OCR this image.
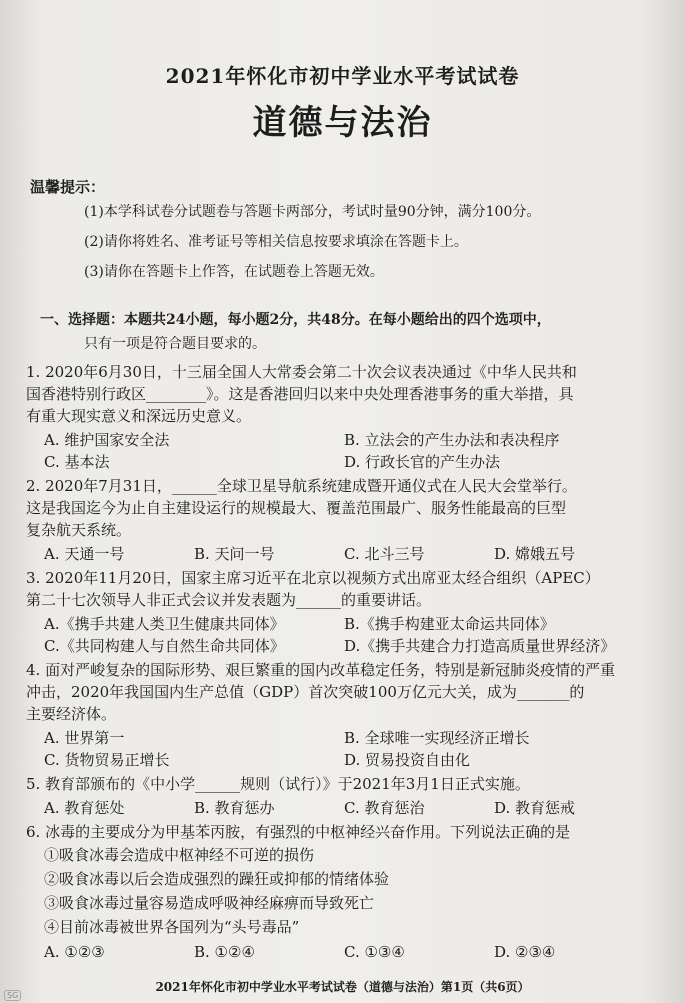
2021年怀化市初中学业水平考试试卷
道德与法治
温馨提示：
(1)本学科试卷分试题卷与答题卡两部分，考试时量90分钟，满分100分。
(2)请你将姓名、准考证号等相关信息按要求填涂在答题卡上。
(3)请你在答题卡上作答，在试题卷上答题无效。
一、选择题：本题共24小题，每小题2分，共48分。在每小题给出的四个选项中，
只有一项是符合题目要求的。
1. 2020年6月30日，十三届全国人大常委会第二十次会议表决通过《中华人民共和
国香港特别行政区________》。这是香港回归以来中央处理香港事务的重大举措，具
有重大现实意义和深远历史意义。
A. 维护国家安全法	B. 立法会的产生办法和表决程序
C. 基本法	D. 行政长官的产生办法
2. 2020年7月31日，______全球卫星导航系统建成暨开通仪式在人民大会堂举行。
这是我国迄今为止自主建设运行的规模最大、覆盖范围最广、服务性能最高的巨型
复杂航天系统。
A. 天通一号	B. 天问一号	C. 北斗三号	D. 嫦娥五号
3. 2020年11月20日，国家主席习近平在北京以视频方式出席亚太经合组织（APEC）
第二十七次领导人非正式会议并发表题为______的重要讲话。
A.《携手共建人类卫生健康共同体》	B.《携手构建亚太命运共同体》
C.《共同构建人与自然生命共同体》	D.《携手共建合力打造高质量世界经济》
4. 面对严峻复杂的国际形势、艰巨繁重的国内改革稳定任务，特别是新冠肺炎疫情的严重
冲击，2020年我国国内生产总值（GDP）首次突破100万亿元大关，成为_______的
主要经济体。
A. 世界第一	B. 全球唯一实现经济正增长
C. 货物贸易正增长	D. 贸易投资自由化
5. 教育部颁布的《中小学______规则（试行）》于2021年3月1日正式实施。
A. 教育惩处	B. 教育惩办	C. 教育惩治	D. 教育惩戒
6. 冰毒的主要成分为甲基苯丙胺，有强烈的中枢神经兴奋作用。下列说法正确的是
①吸食冰毒会造成中枢神经不可逆的损伤
②吸食冰毒以后会造成强烈的躁狂或抑郁的情绪体验
③吸食冰毒过量容易造成呼吸神经麻痹而导致死亡
④目前冰毒被世界各国列为“头号毒品”
A. ①②③	B. ①②④	C. ①③④	D. ②③④
2021年怀化市初中学业水平考试试卷（道德与法治）第1页（共6页）
SG
